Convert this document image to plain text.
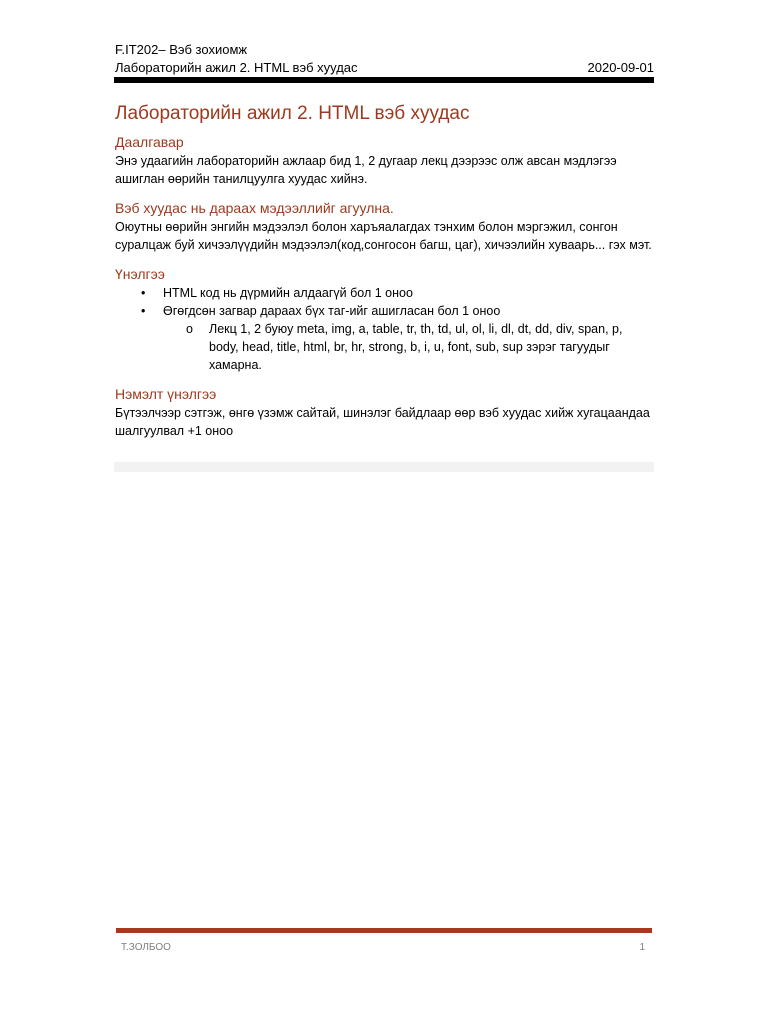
F.IT202– Вэб зохиомж
Лабораторийн ажил 2. HTML вэб хуудас	2020-09-01
Лабораторийн ажил 2. HTML вэб хуудас
Даалгавар

Энэ удаагийн лабораторийн ажлаар бид 1, 2 дугаар лекц дээрээс олж авсан мэдлэгээ ашиглан өөрийн танилцуулга хуудас хийнэ.

Вэб хуудас нь дараах мэдээллийг агуулна.

Оюутны өөрийн энгийн мэдээлэл болон харъяалагдах тэнхим болон мэргэжил, сонгон суралцаж буй хичээлүүдийн мэдээлэл(код,сонгосон багш, цаг), хичээлийн хуваарь... гэх мэт.

Үнэлгээ
• HTML код нь дүрмийн алдаагүй бол 1 оноо
• Өгөгдсөн загвар дараах бүх таг-ийг ашигласан бол 1 оноо
o Лекц 1, 2 буюу meta, img, a, table, tr, th, td, ul, ol, li, dl, dt, dd, div, span, p, body, head, title, html, br, hr, strong, b, i, u, font, sub, sup зэрэг тагуудыг хамарна.
Нэмэлт үнэлгээ

Бүтээлчээр сэтгэж, өнгө үзэмж сайтай, шинэлэг байдлаар өөр вэб хуудас хийж хугацаандаа шалгуулвал +1 оноо

Т.ЗОЛБОО	1
